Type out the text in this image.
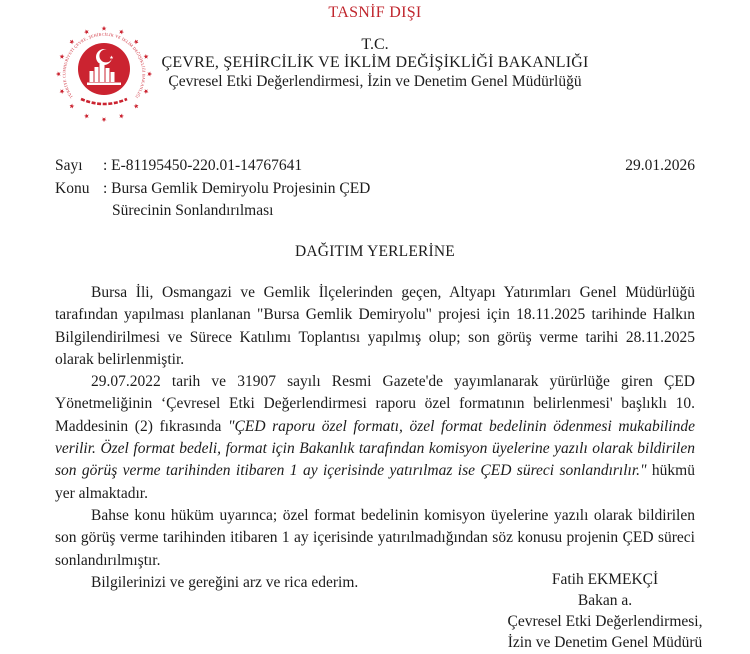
TASNİF DIŞI
TÜRKİYE CUMHURİYETİ ÇEVRE, ŞEHİRCİLİK VE İKLİM DEĞİŞİKLİĞİ BAKANLIĞI
T.C.
ÇEVRE, ŞEHİRCİLİK VE İKLİM DEĞİŞİKLİĞİ BAKANLIĞI
Çevresel Etki Değerlendirmesi, İzin ve Denetim Genel Müdürlüğü
Sayı : E-81195450-220.01-14767641	29.01.2026
Konu : Bursa Gemlik Demiryolu Projesinin ÇED
Sürecinin Sonlandırılması
DAĞITIM YERLERİNE

Bursa İli, Osmangazi ve Gemlik İlçelerinden geçen, Altyapı Yatırımları Genel Müdürlüğü tarafından yapılması planlanan "Bursa Gemlik Demiryolu" projesi için 18.11.2025 tarihinde Halkın Bilgilendirilmesi ve Sürece Katılımı Toplantısı yapılmış olup; son görüş verme tarihi 28.11.2025 olarak belirlenmiştir.

29.07.2022 tarih ve 31907 sayılı Resmi Gazete'de yayımlanarak yürürlüğe giren ÇED Yönetmeliğinin ‘Çevresel Etki Değerlendirmesi raporu özel formatının belirlenmesi' başlıklı 10. Maddesinin (2) fıkrasında "ÇED raporu özel formatı, özel format bedelinin ödenmesi mukabilinde verilir. Özel format bedeli, format için Bakanlık tarafından komisyon üyelerine yazılı olarak bildirilen son görüş verme tarihinden itibaren 1 ay içerisinde yatırılmaz ise ÇED süreci sonlandırılır." hükmü yer almaktadır.

Bahse konu hüküm uyarınca; özel format bedelinin komisyon üyelerine yazılı olarak bildirilen son görüş verme tarihinden itibaren 1 ay içerisinde yatırılmadığından söz konusu projenin ÇED süreci sonlandırılmıştır.

Bilgilerinizi ve gereğini arz ve rica ederim.	Fatih EKMEKÇİ
Bakan a.
Çevresel Etki Değerlendirmesi,
İzin ve Denetim Genel Müdürü
